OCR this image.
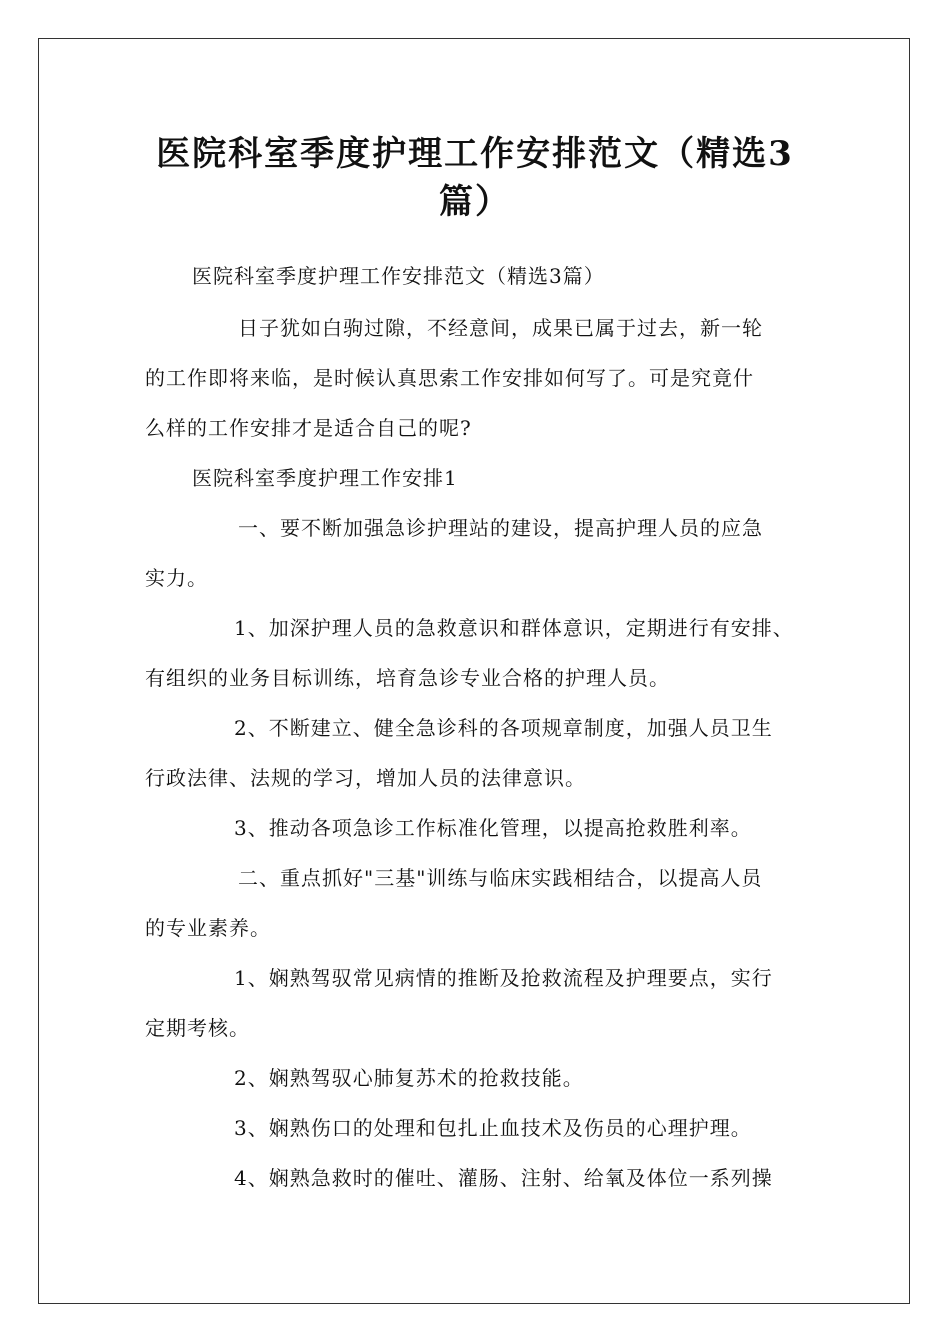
医院科室季度护理工作安排范文（精选3
篇）

医院科室季度护理工作安排范文（精选3篇）

日子犹如白驹过隙，不经意间，成果已属于过去，新一轮

的工作即将来临，是时候认真思索工作安排如何写了。可是究竟什

么样的工作安排才是适合自己的呢?

医院科室季度护理工作安排1

一、要不断加强急诊护理站的建设，提高护理人员的应急

实力。

1、加深护理人员的急救意识和群体意识，定期进行有安排、

有组织的业务目标训练，培育急诊专业合格的护理人员。

2、不断建立、健全急诊科的各项规章制度，加强人员卫生

行政法律、法规的学习，增加人员的法律意识。

3、推动各项急诊工作标准化管理，以提高抢救胜利率。

二、重点抓好"三基"训练与临床实践相结合，以提高人员

的专业素养。

1、娴熟驾驭常见病情的推断及抢救流程及护理要点，实行

定期考核。

2、娴熟驾驭心肺复苏术的抢救技能。

3、娴熟伤口的处理和包扎止血技术及伤员的心理护理。

4、娴熟急救时的催吐、灌肠、注射、给氧及体位一系列操
